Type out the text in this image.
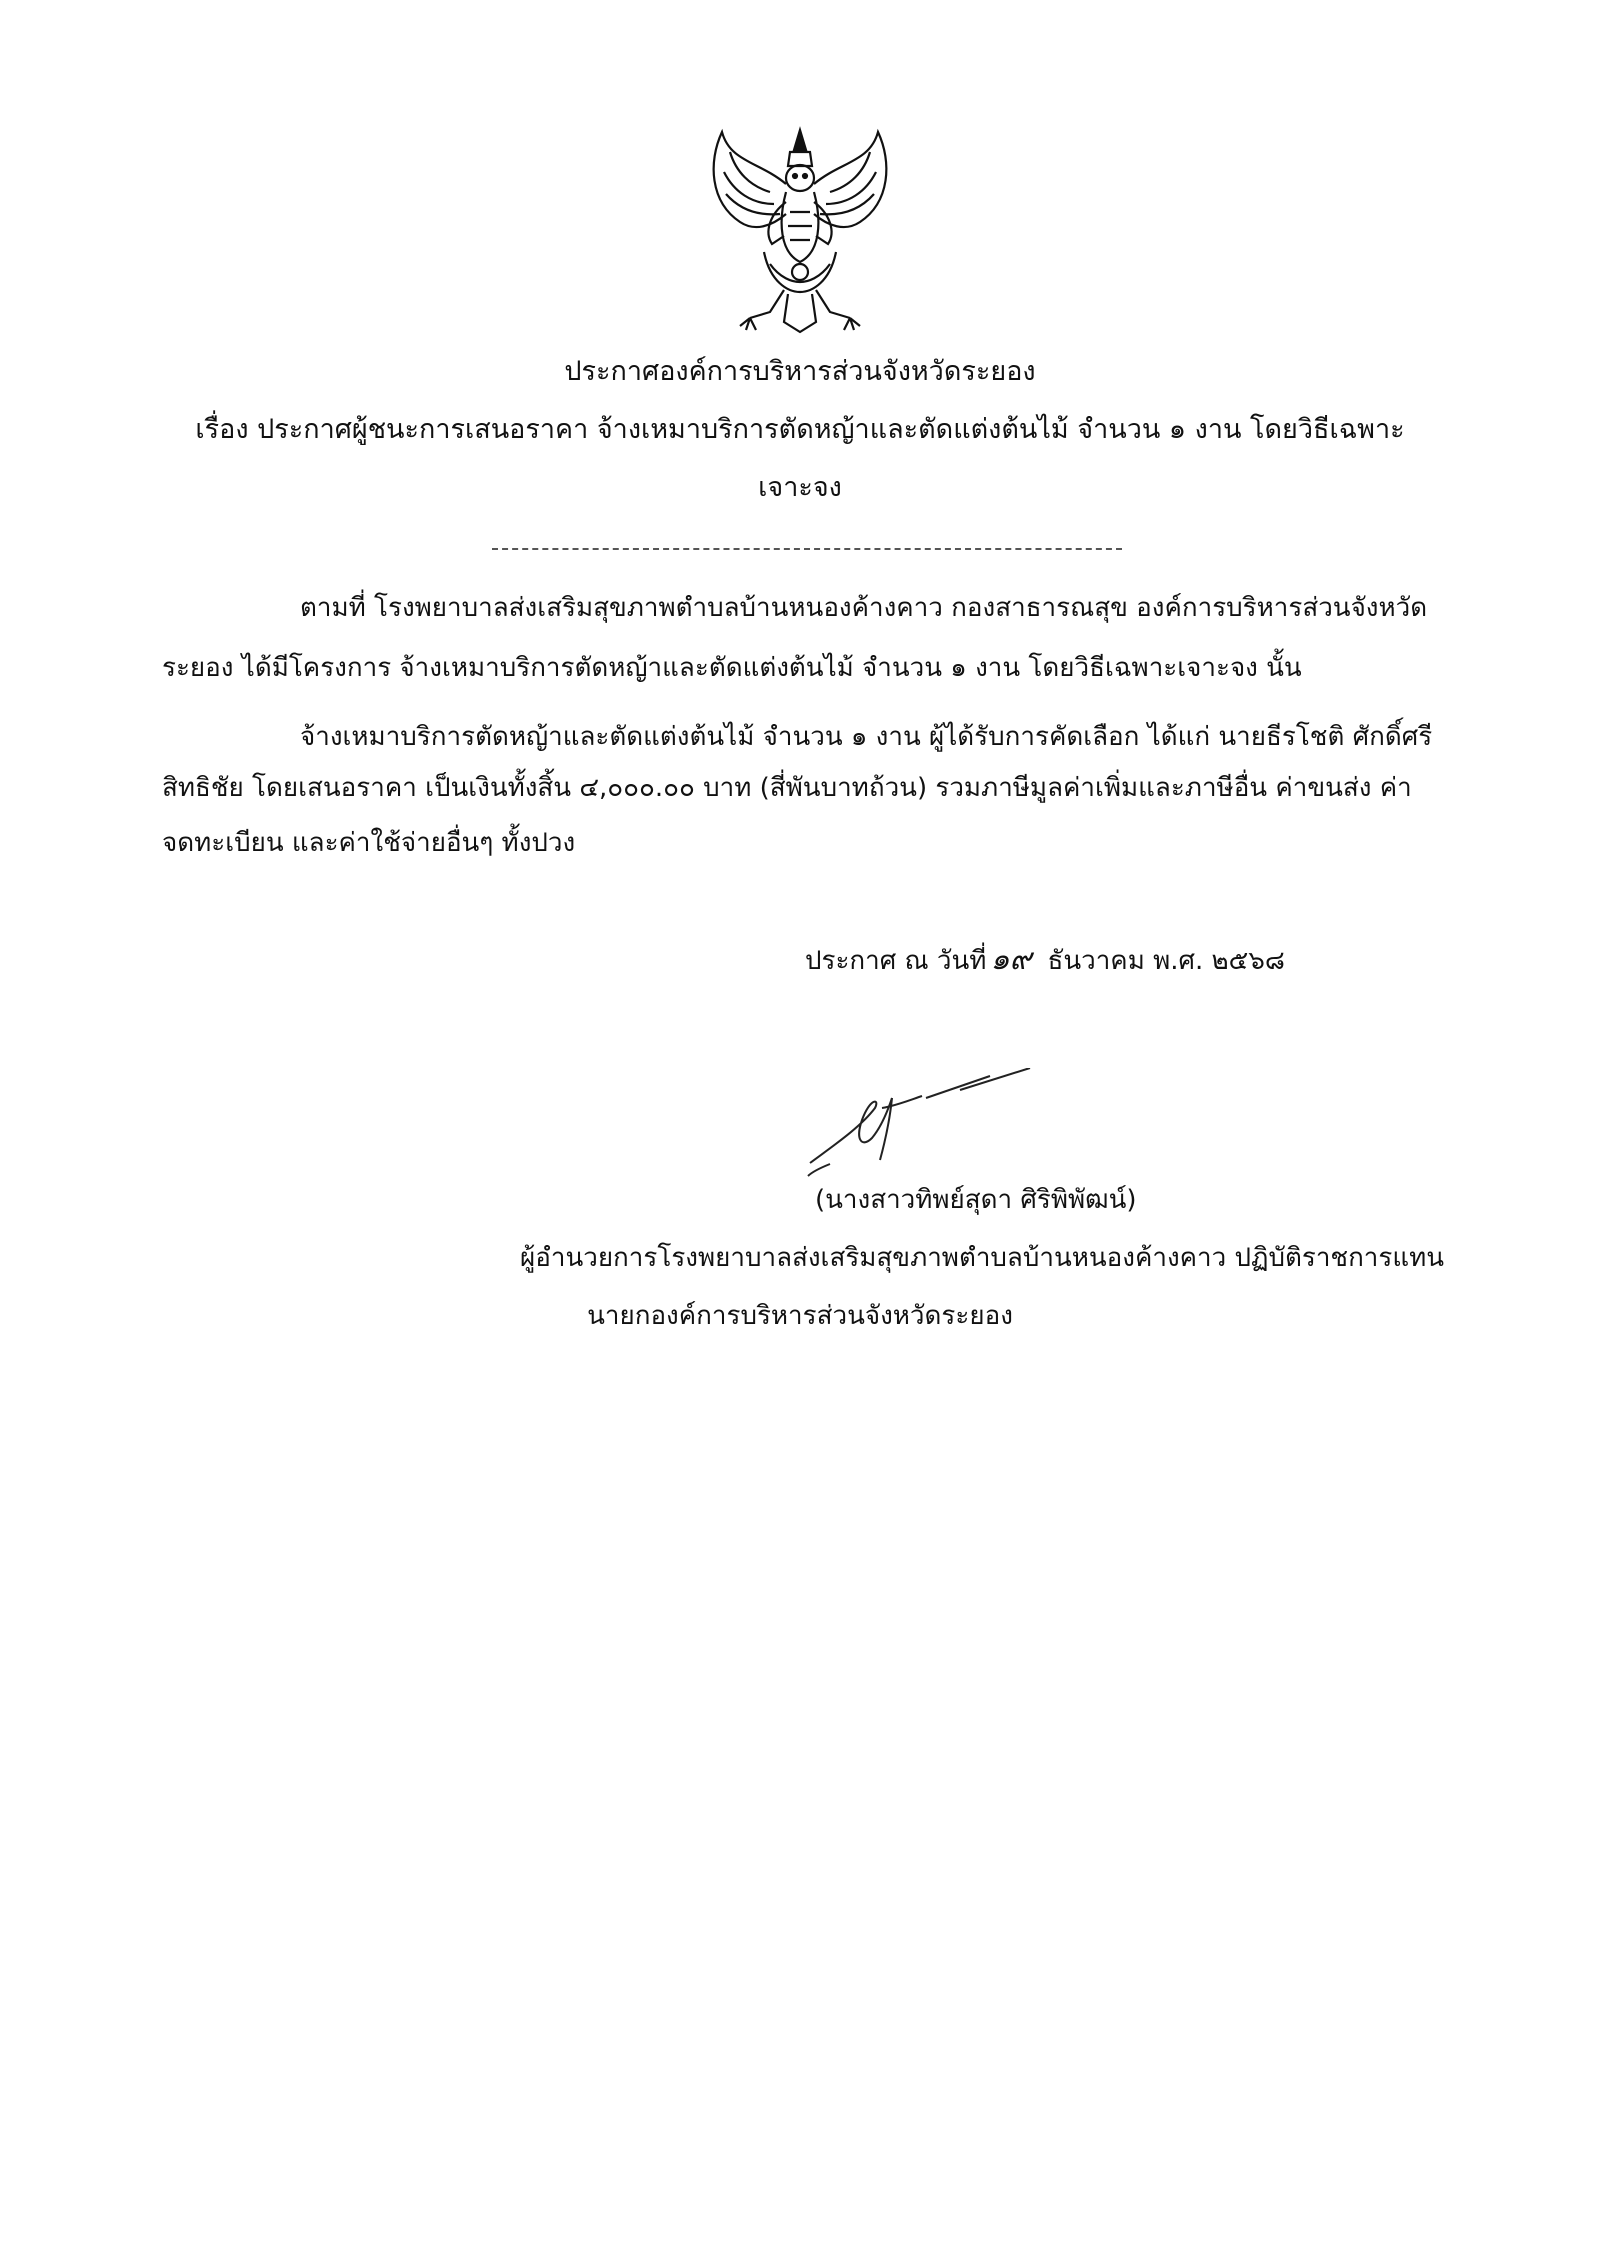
ประกาศองค์การบริหารส่วนจังหวัดระยอง
เรื่อง ประกาศผู้ชนะการเสนอราคา จ้างเหมาบริการตัดหญ้าและตัดแต่งต้นไม้ จำนวน ๑ งาน โดยวิธีเฉพาะ
เจาะจง
ตามที่ โรงพยาบาลส่งเสริมสุขภาพตำบลบ้านหนองค้างคาว กองสาธารณสุข องค์การบริหารส่วนจังหวัด
ระยอง ได้มีโครงการ จ้างเหมาบริการตัดหญ้าและตัดแต่งต้นไม้ จำนวน ๑ งาน โดยวิธีเฉพาะเจาะจง นั้น
จ้างเหมาบริการตัดหญ้าและตัดแต่งต้นไม้ จำนวน ๑ งาน ผู้ได้รับการคัดเลือก ได้แก่ นายธีรโชติ ศักดิ์ศรี
สิทธิชัย โดยเสนอราคา เป็นเงินทั้งสิ้น ๔,๐๐๐.๐๐ บาท (สี่พันบาทถ้วน) รวมภาษีมูลค่าเพิ่มและภาษีอื่น ค่าขนส่ง ค่า
จดทะเบียน และค่าใช้จ่ายอื่นๆ ทั้งปวง
ประกาศ ณ วันที่ ๑๙ ธันวาคม พ.ศ. ๒๕๖๘
(นางสาวทิพย์สุดา ศิริพิพัฒน์)
ผู้อำนวยการโรงพยาบาลส่งเสริมสุขภาพตำบลบ้านหนองค้างคาว ปฏิบัติราชการแทน
นายกองค์การบริหารส่วนจังหวัดระยอง
